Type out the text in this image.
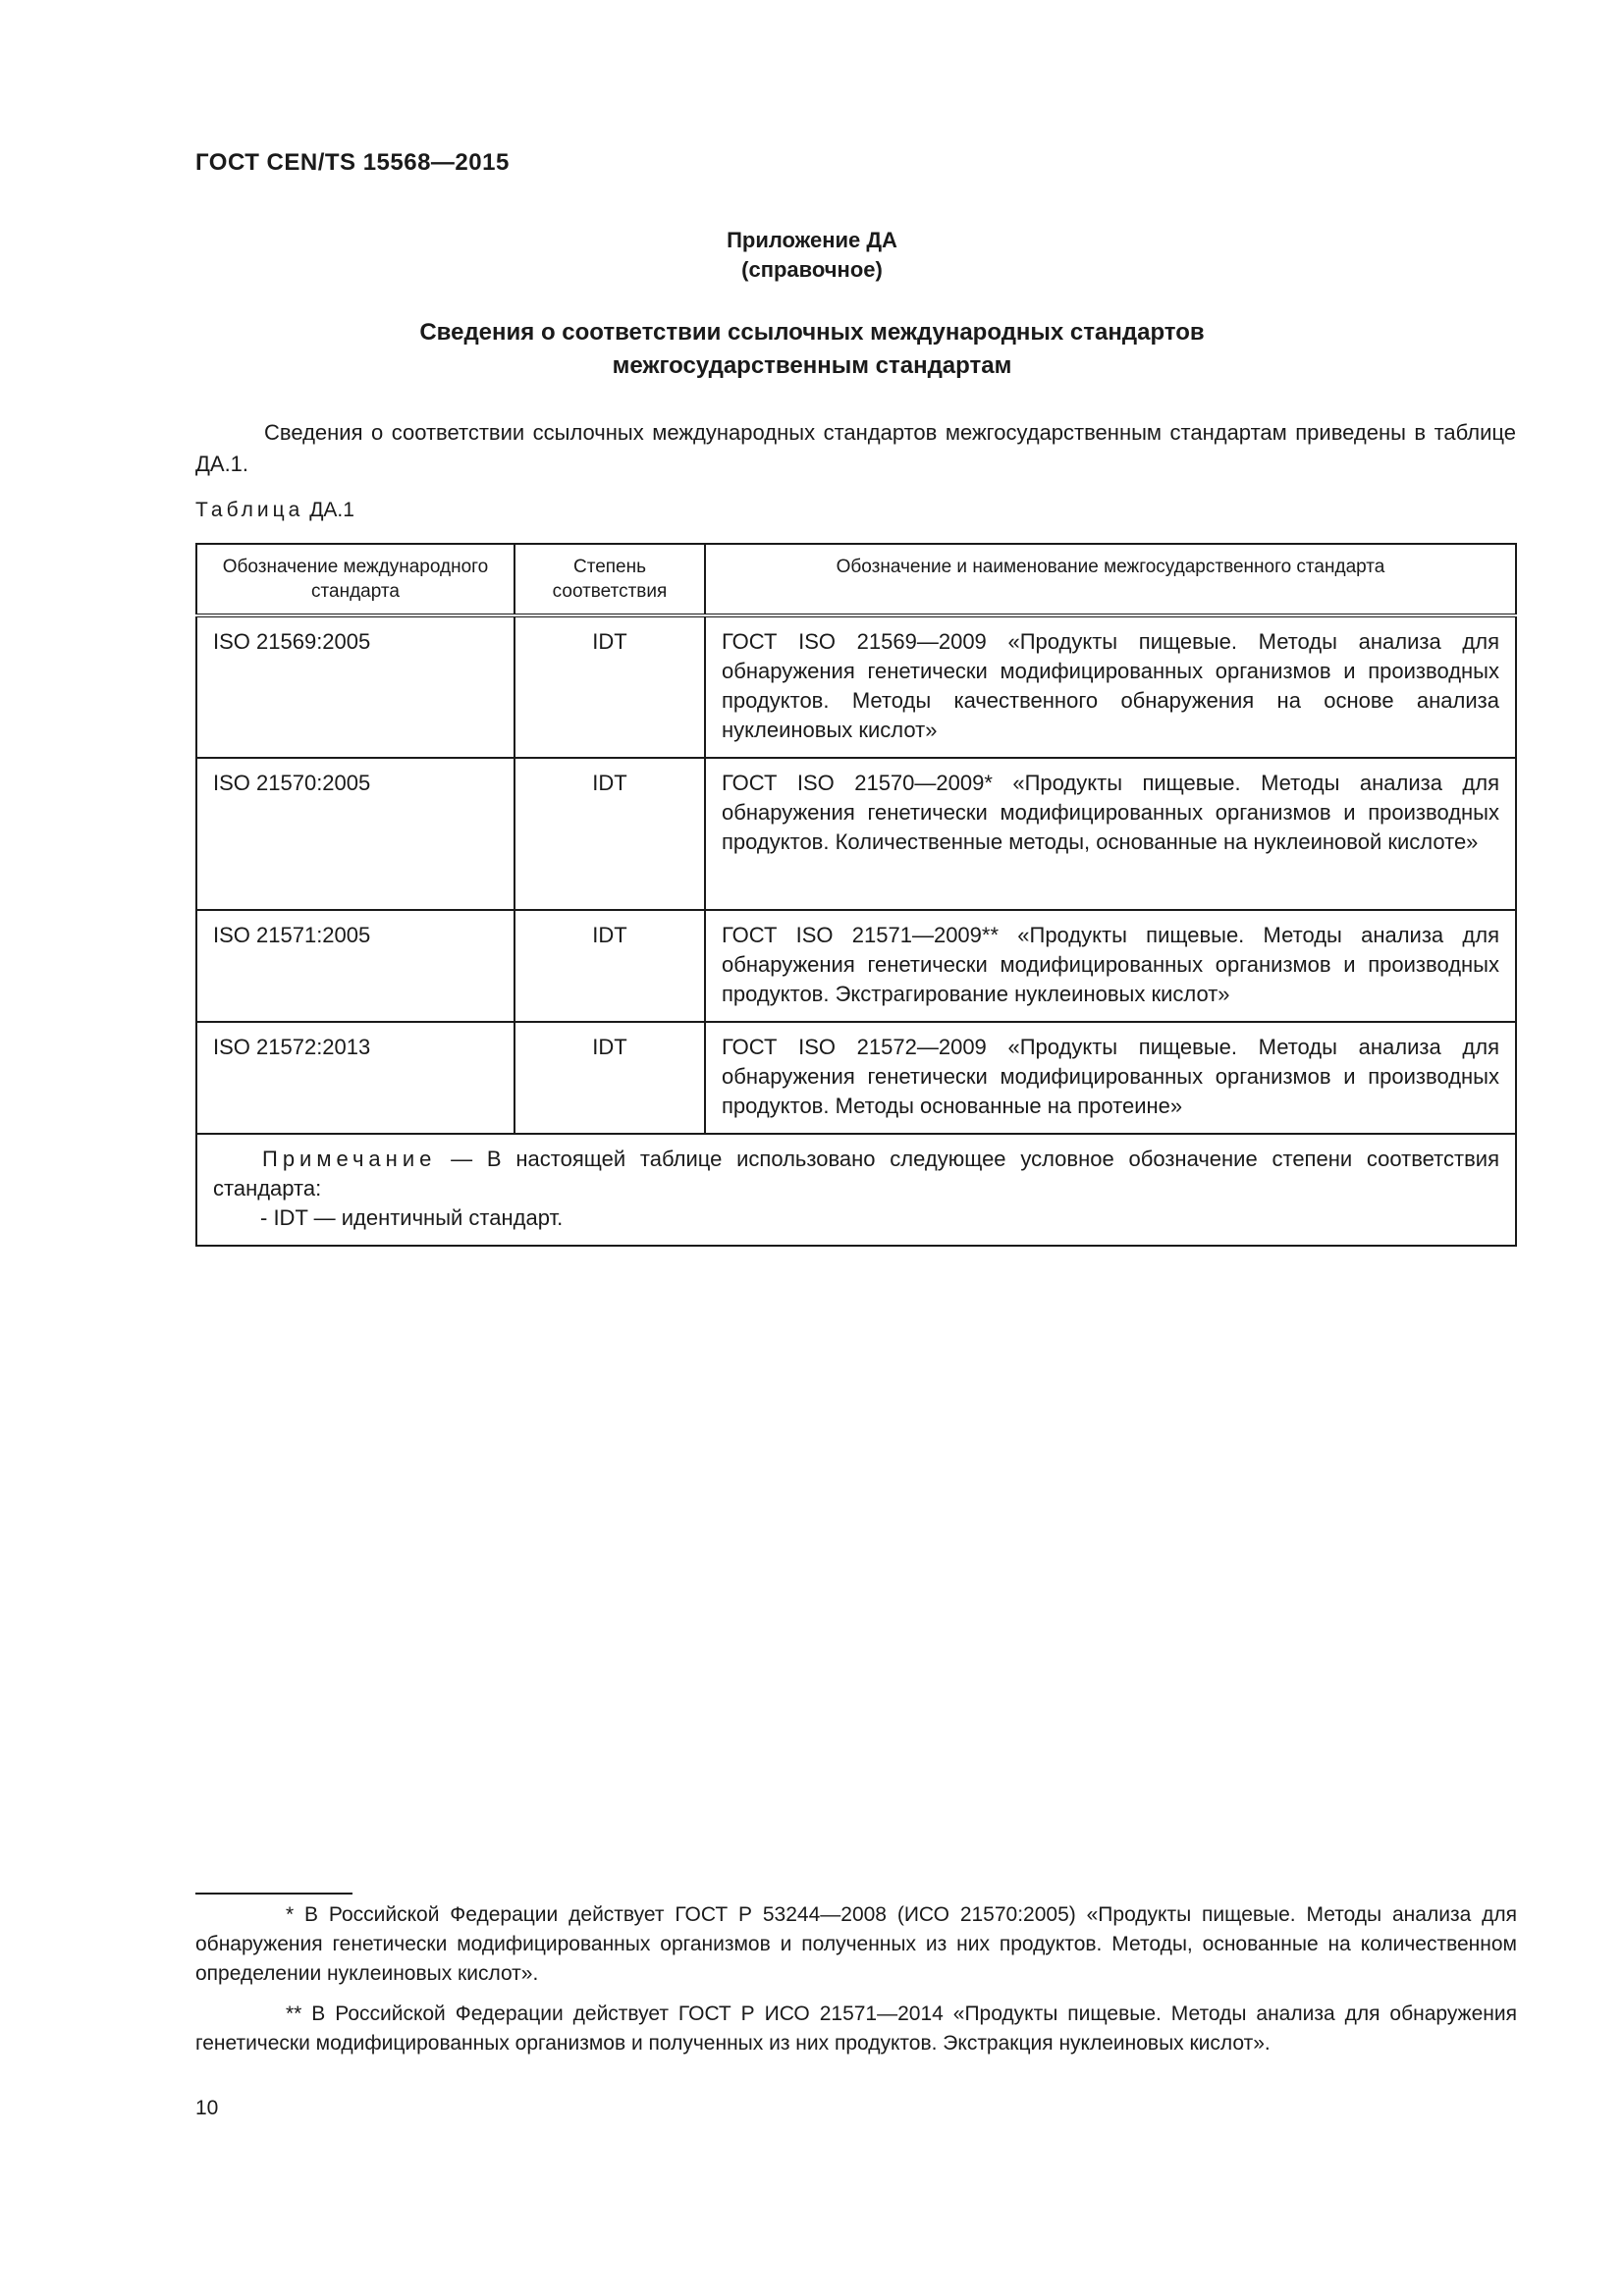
ГОСТ CEN/TS 15568—2015
Приложение ДА
(справочное)
Сведения о соответствии ссылочных международных стандартов
межгосударственным стандартам
Сведения о соответствии ссылочных международных стандартов межгосударственным стандартам приведены в таблице ДА.1.
Таблица ДА.1
Обозначение международного стандарта	Степень соответствия	Обозначение и наименование межгосударственного стандарта
ISO 21569:2005	IDT	ГОСТ ISO 21569—2009 «Продукты пищевые. Методы анализа для обнаружения генетически модифицированных организмов и производных продуктов. Методы качественного обнаружения на основе анализа нуклеиновых кислот»
ISO 21570:2005	IDT	ГОСТ ISO 21570—2009* «Продукты пищевые. Методы анализа для обнаружения генетически модифицированных организмов и производных продуктов. Количественные методы, основанные на нуклеиновой кислоте»
ISO 21571:2005	IDT	ГОСТ ISO 21571—2009** «Продукты пищевые. Методы анализа для обнаружения генетически модифицированных организмов и производных продуктов. Экстрагирование нуклеиновых кислот»
ISO 21572:2013	IDT	ГОСТ ISO 21572—2009 «Продукты пищевые. Методы анализа для обнаружения генетически модифицированных организмов и производных продуктов. Методы основанные на протеине»
Примечание — В настоящей таблице использовано следующее условное обозначение степени соответствия стандарта:
- IDT — идентичный стандарт.		
* В Российской Федерации действует ГОСТ Р 53244—2008 (ИСО 21570:2005) «Продукты пищевые. Методы анализа для обнаружения генетически модифицированных организмов и полученных из них продуктов. Методы, основанные на количественном определении нуклеиновых кислот».
** В Российской Федерации действует ГОСТ Р ИСО 21571—2014 «Продукты пищевые. Методы анализа для обнаружения генетически модифицированных организмов и полученных из них продуктов. Экстракция нуклеиновых кислот».
10
